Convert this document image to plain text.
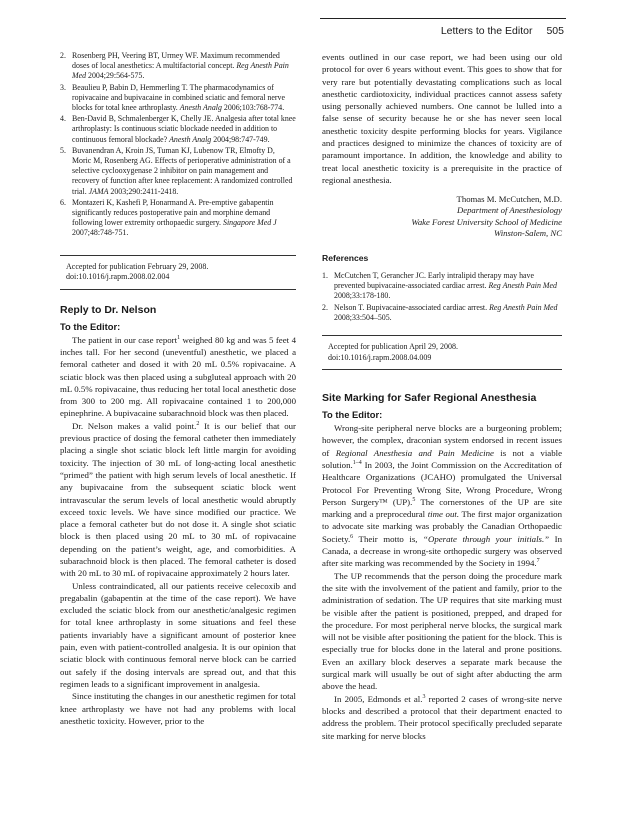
Letters to the Editor 505
2. Rosenberg PH, Veering BT, Urmey WF. Maximum recommended doses of local anesthetics: A multifactorial concept. Reg Anesth Pain Med 2004;29:564-575.
3. Beaulieu P, Babin D, Hemmerling T. The pharmacodynamics of ropivacaine and bupivacaine in combined sciatic and femoral nerve blocks for total knee arthroplasty. Anesth Analg 2006;103:768-774.
4. Ben-David B, Schmalenberger K, Chelly JE. Analgesia after total knee arthroplasty: Is continuous sciatic blockade needed in addition to continuous femoral blockade? Anesth Analg 2004;98:747-749.
5. Buvanendran A, Kroin JS, Tuman KJ, Lubenow TR, Elmofty D, Moric M, Rosenberg AG. Effects of perioperative administration of a selective cyclooxygenase 2 inhibitor on pain management and recovery of function after knee replacement: A randomized controlled trial. JAMA 2003;290:2411-2418.
6. Montazeri K, Kashefi P, Honarmand A. Pre-emptive gabapentin significantly reduces postoperative pain and morphine demand following lower extremity orthopaedic surgery. Singapore Med J 2007;48:748-751.
Accepted for publication February 29, 2008.
doi:10.1016/j.rapm.2008.02.004
Reply to Dr. Nelson
To the Editor:

The patient in our case report$^1$ weighed 80 kg and was 5 feet 4 inches tall. For her second (uneventful) anesthetic, we placed a femoral catheter and dosed it with 20 mL 0.5% ropivacaine. A sciatic block was then placed using a subgluteal approach with 20 mL 0.5% ropivacaine, thus reducing her total local anesthetic dose from 300 to 200 mg. All ropivacaine contained 1 to 200,000 epinephrine. A bupivacaine subarachnoid block was then placed.

Dr. Nelson makes a valid point.$^2$ It is our belief that our previous practice of dosing the femoral catheter then immediately placing a single shot sciatic block left little margin for avoiding toxicity. The injection of 30 mL of long-acting local anesthetic “primed” the patient with high serum levels of local anesthetic. If any bupivacaine from the subsequent sciatic block went intravascular the serum levels of local anesthetic would abruptly exceed toxic levels. We have since modified our practice. We place a femoral catheter but do not dose it. A single shot sciatic block is then placed using 20 mL to 30 mL of ropivacaine depending on the patient’s weight, age, and comorbidities. A subarachnoid block is then placed. The femoral catheter is dosed with 20 mL to 30 mL of ropivacaine approximately 2 hours later.

Unless contraindicated, all our patients receive celecoxib and pregabalin (gabapentin at the time of the case report). We have excluded the sciatic block from our anesthetic/analgesic regimen for total knee arthroplasty in some situations and feel these patients invariably have a significant amount of posterior knee pain, even with patient-controlled analgesia. It is our opinion that sciatic block with continuous femoral nerve block can be carried out safely if the dosing intervals are spread out, and that this regimen leads to a significant improvement in analgesia.

Since instituting the changes in our anesthetic regimen for total knee arthroplasty we have not had any problems with local anesthetic toxicity. However, prior to the

events outlined in our case report, we had been using our old protocol for over 6 years without event. This goes to show that for very rare but potentially devastating complications such as local anesthetic cardiotoxicity, individual practices cannot assess safety using personally achieved numbers. One cannot be lulled into a false sense of security because he or she has never seen local anesthetic toxicity despite performing blocks for years. Vigilance and practices designed to minimize the chances of toxicity are of paramount importance. In addition, the knowledge and ability to treat local anesthetic toxicity is a prerequisite in the practice of regional anesthesia.

Thomas M. McCutchen, M.D.
Department of Anesthesiology
Wake Forest University School of Medicine
Winston-Salem, NC
References
1. McCutchen T, Gerancher JC. Early intralipid therapy may have prevented bupivacaine-associated cardiac arrest. Reg Anesth Pain Med 2008;33:178-180.
2. Nelson T. Bupivacaine-associated cardiac arrest. Reg Anesth Pain Med 2008;33:504–505.
Accepted for publication April 29, 2008.
doi:10.1016/j.rapm.2008.04.009
Site Marking for Safer Regional Anesthesia
To the Editor:

Wrong-site peripheral nerve blocks are a burgeoning problem; however, the complex, draconian system endorsed in recent issues of Regional Anesthesia and Pain Medicine is not a viable solution.$^{1-4}$ In 2003, the Joint Commission on the Accreditation of Healthcare Organizations (JCAHO) promulgated the Universal Protocol For Preventing Wrong Site, Wrong Procedure, Wrong Person Surgery™ (UP).$^5$ The cornerstones of the UP are site marking and a preprocedural time out. The first major organization to advocate site marking was probably the Canadian Orthopaedic Society.$^6$ Their motto is, “Operate through your initials.” In Canada, a decrease in wrong-site orthopedic surgery was observed after site marking was recommended by the Society in 1994.$^7$

The UP recommends that the person doing the procedure mark the site with the involvement of the patient and family, prior to the administration of sedation. The UP requires that site marking must be visible after the patient is positioned, prepped, and draped for the procedure. For most peripheral nerve blocks, the surgical mark will not be visible after positioning the patient for the block. This is especially true for blocks done in the lateral and prone positions. Even an axillary block deserves a separate mark because the surgical mark will usually be out of sight after abducting the arm above the head.

In 2005, Edmonds et al.$^3$ reported 2 cases of wrong-site nerve blocks and described a protocol that their department enacted to address the problem. Their protocol specifically precluded separate site marking for nerve blocks
